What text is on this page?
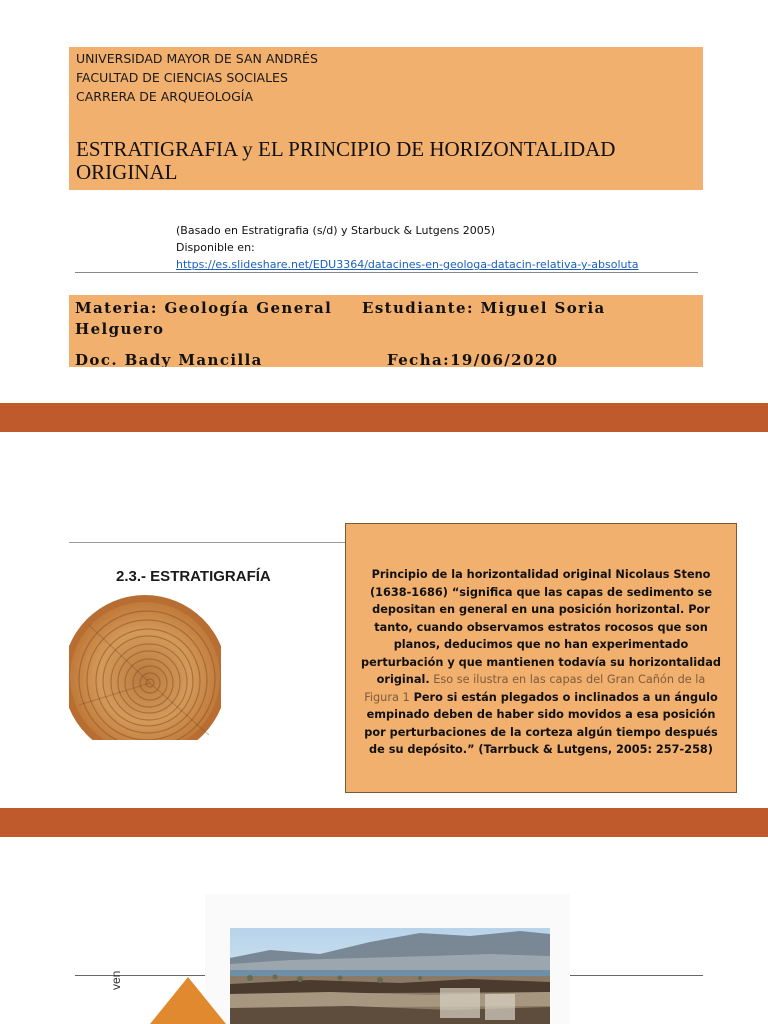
UNIVERSIDAD MAYOR DE SAN ANDRÉS
FACULTAD DE CIENCIAS SOCIALES
CARRERA DE ARQUEOLOGÍA
ESTRATIGRAFIA y EL PRINCIPIO DE HORIZONTALIDAD
ORIGINAL
(Basado en Estratigrafia (s/d) y Starbuck & Lutgens 2005)
Disponible en:
https://es.slideshare.net/EDU3364/datacines-en-geologa-datacin-relativa-y-absoluta
Materia: Geología General Estudiante: Miguel Soria
Helguero
Doc. Bady Mancilla	Fecha:19/06/2020
2.3.- ESTRATIGRAFÍA	Principio de la horizontalidad original Nicolaus Steno (1638-1686) “significa que las capas de sedimento se depositan en general en una posición horizontal. Por tanto, cuando observamos estratos rocosos que son planos, deducimos que no han experimentado perturbación y que mantienen todavía su horizontalidad original. Eso se ilustra en las capas del Gran Cañón de la Figura 1 Pero si están plegados o inclinados a un ángulo empinado deben de haber sido movidos a esa posición por perturbaciones de la corteza algún tiempo después de su depósito.” (Tarrbuck & Lutgens, 2005: 257-258)
ven
